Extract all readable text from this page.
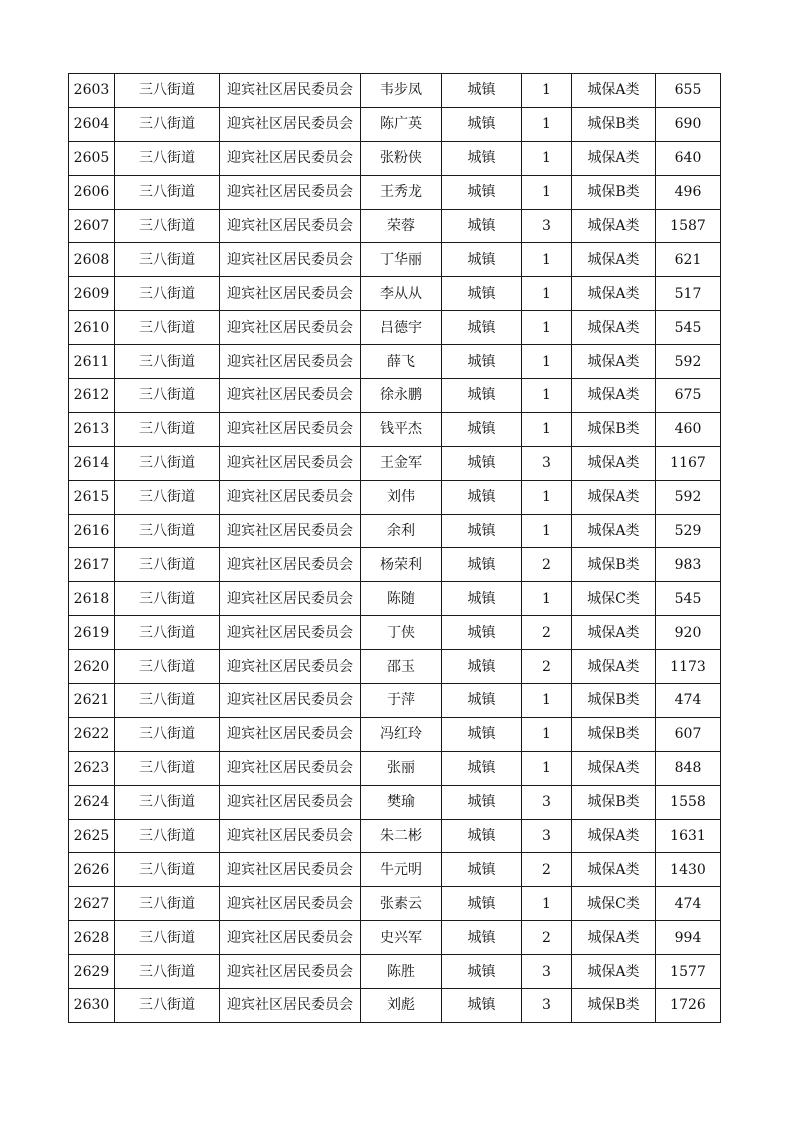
2603	三八街道	迎宾社区居民委员会	韦步凤	城镇	1	城保A类	655
2604	三八街道	迎宾社区居民委员会	陈广英	城镇	1	城保B类	690
2605	三八街道	迎宾社区居民委员会	张粉侠	城镇	1	城保A类	640
2606	三八街道	迎宾社区居民委员会	王秀龙	城镇	1	城保B类	496
2607	三八街道	迎宾社区居民委员会	荣蓉	城镇	3	城保A类	1587
2608	三八街道	迎宾社区居民委员会	丁华丽	城镇	1	城保A类	621
2609	三八街道	迎宾社区居民委员会	李从从	城镇	1	城保A类	517
2610	三八街道	迎宾社区居民委员会	吕德宇	城镇	1	城保A类	545
2611	三八街道	迎宾社区居民委员会	薛飞	城镇	1	城保A类	592
2612	三八街道	迎宾社区居民委员会	徐永鹏	城镇	1	城保A类	675
2613	三八街道	迎宾社区居民委员会	钱平杰	城镇	1	城保B类	460
2614	三八街道	迎宾社区居民委员会	王金军	城镇	3	城保A类	1167
2615	三八街道	迎宾社区居民委员会	刘伟	城镇	1	城保A类	592
2616	三八街道	迎宾社区居民委员会	余利	城镇	1	城保A类	529
2617	三八街道	迎宾社区居民委员会	杨荣利	城镇	2	城保B类	983
2618	三八街道	迎宾社区居民委员会	陈随	城镇	1	城保C类	545
2619	三八街道	迎宾社区居民委员会	丁侠	城镇	2	城保A类	920
2620	三八街道	迎宾社区居民委员会	邵玉	城镇	2	城保A类	1173
2621	三八街道	迎宾社区居民委员会	于萍	城镇	1	城保B类	474
2622	三八街道	迎宾社区居民委员会	冯红玲	城镇	1	城保B类	607
2623	三八街道	迎宾社区居民委员会	张丽	城镇	1	城保A类	848
2624	三八街道	迎宾社区居民委员会	樊瑜	城镇	3	城保B类	1558
2625	三八街道	迎宾社区居民委员会	朱二彬	城镇	3	城保A类	1631
2626	三八街道	迎宾社区居民委员会	牛元明	城镇	2	城保A类	1430
2627	三八街道	迎宾社区居民委员会	张素云	城镇	1	城保C类	474
2628	三八街道	迎宾社区居民委员会	史兴军	城镇	2	城保A类	994
2629	三八街道	迎宾社区居民委员会	陈胜	城镇	3	城保A类	1577
2630	三八街道	迎宾社区居民委员会	刘彪	城镇	3	城保B类	1726
